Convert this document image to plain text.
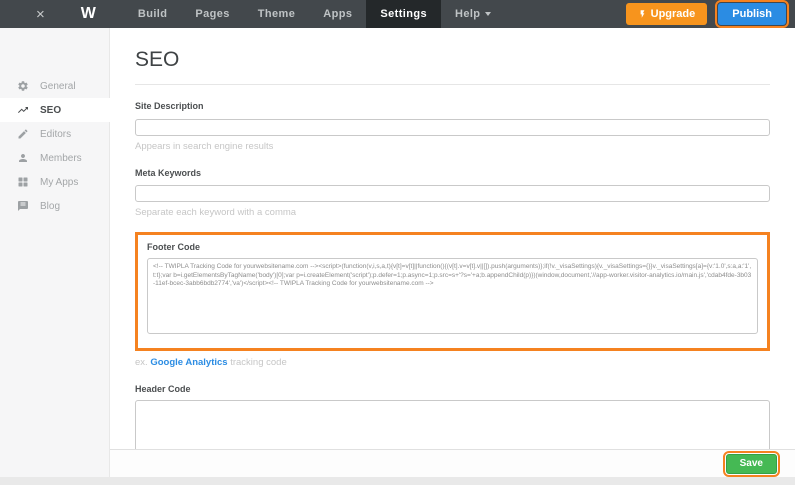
× W	Build	Pages	Theme	Apps	Settings	Help	Upgrade	Publish
General
SEO
Editors
Members
My Apps
Blog
SEO
Site Description
Appears in search engine results
Meta Keywords
Separate each keyword with a comma
Footer Code
<!-- TWIPLA Tracking Code for yourwebsitename.com --><script>(function(v,i,s,a,t){v[t]=v[t]||function(){(v[t].v=v[t].v||[]).push(arguments)};if(!v._visaSettings){v._visaSettings={}}v._visaSettings[a]={v:'1.0',s:a,a:'1',t:t};var b=i.getElementsByTagName('body')[0];var p=i.createElement('script');p.defer=1;p.async=1;p.src=s+'?s='+a;b.appendChild(p)})(window,document,'//app-worker.visitor-analytics.io/main.js','cdab4fde-3b03-11ef-bcec-3abb6bdb2774','va')</script><!-- TWIPLA Tracking Code for yourwebsitename.com -->
ex. Google Analytics tracking code
Header Code
Save
